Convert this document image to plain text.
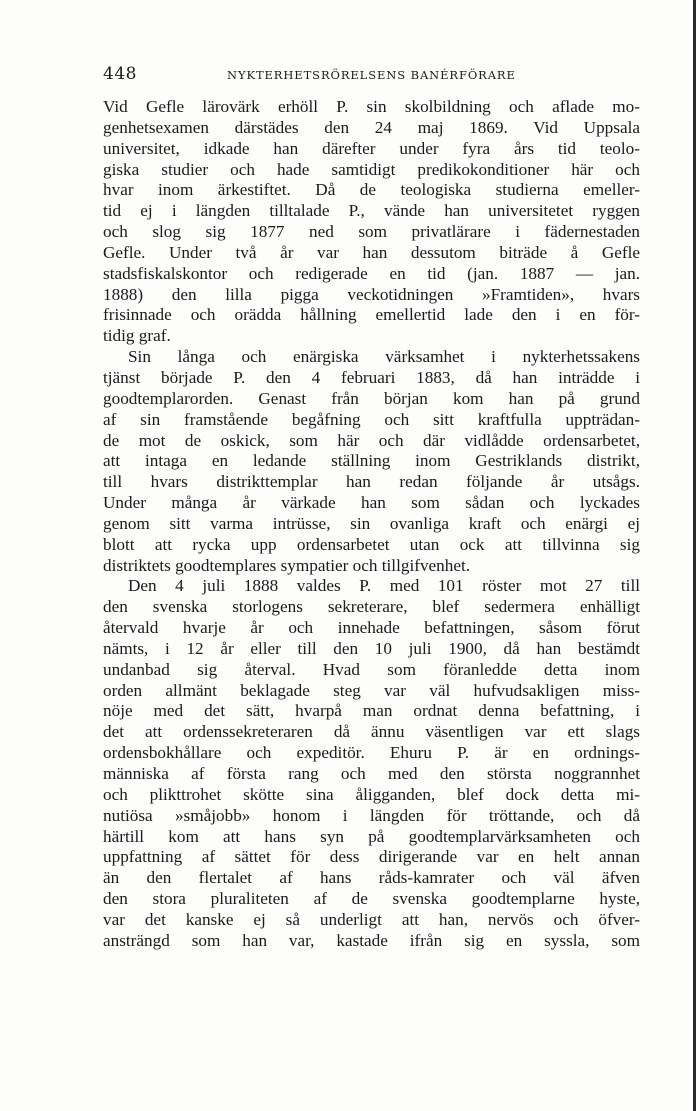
448	NYKTERHETSRÖRELSENS BANÉRFÖRARE
Vid Gefle lärovärk erhöll P. sin skolbildning och aflade mo-
genhetsexamen därstädes den 24 maj 1869. Vid Uppsala
universitet, idkade han därefter under fyra års tid teolo-
giska studier och hade samtidigt predikokonditioner här och
hvar inom ärkestiftet. Då de teologiska studierna emeller-
tid ej i längden tilltalade P., vände han universitetet ryggen
och slog sig 1877 ned som privatlärare i fädernestaden
Gefle. Under två år var han dessutom biträde å Gefle
stadsfiskalskontor och redigerade en tid (jan. 1887 — jan.
1888) den lilla pigga veckotidningen »Framtiden», hvars
frisinnade och orädda hållning emellertid lade den i en för-
tidig graf.
Sin långa och enärgiska värksamhet i nykterhetssakens
tjänst började P. den 4 februari 1883, då han inträdde i
goodtemplarorden. Genast från början kom han på grund
af sin framstående begåfning och sitt kraftfulla uppträdan-
de mot de oskick, som här och där vidlådde ordensarbetet,
att intaga en ledande ställning inom Gestriklands distrikt,
till hvars distrikttemplar han redan följande år utsågs.
Under många år värkade han som sådan och lyckades
genom sitt varma intrüsse, sin ovanliga kraft och enärgi ej
blott att rycka upp ordensarbetet utan ock att tillvinna sig
distriktets goodtemplares sympatier och tillgifvenhet.
Den 4 juli 1888 valdes P. med 101 röster mot 27 till
den svenska storlogens sekreterare, blef sedermera enhälligt
återvald hvarje år och innehade befattningen, såsom förut
nämts, i 12 år eller till den 10 juli 1900, då han bestämdt
undanbad sig återval. Hvad som föranledde detta inom
orden allmänt beklagade steg var väl hufvudsakligen miss-
nöje med det sätt, hvarpå man ordnat denna befattning, i
det att ordenssekreteraren då ännu väsentligen var ett slags
ordensbokhållare och expeditör. Ehuru P. är en ordnings-
människa af första rang och med den största noggrannhet
och plikttrohet skötte sina åligganden, blef dock detta mi-
nutiösa »småjobb» honom i längden för tröttande, och då
härtill kom att hans syn på goodtemplarvärksamheten och
uppfattning af sättet för dess dirigerande var en helt annan
än den flertalet af hans råds-kamrater och väl äfven
den stora pluraliteten af de svenska goodtemplarne hyste,
var det kanske ej så underligt att han, nervös och öfver-
ansträngd som han var, kastade ifrån sig en syssla, som
